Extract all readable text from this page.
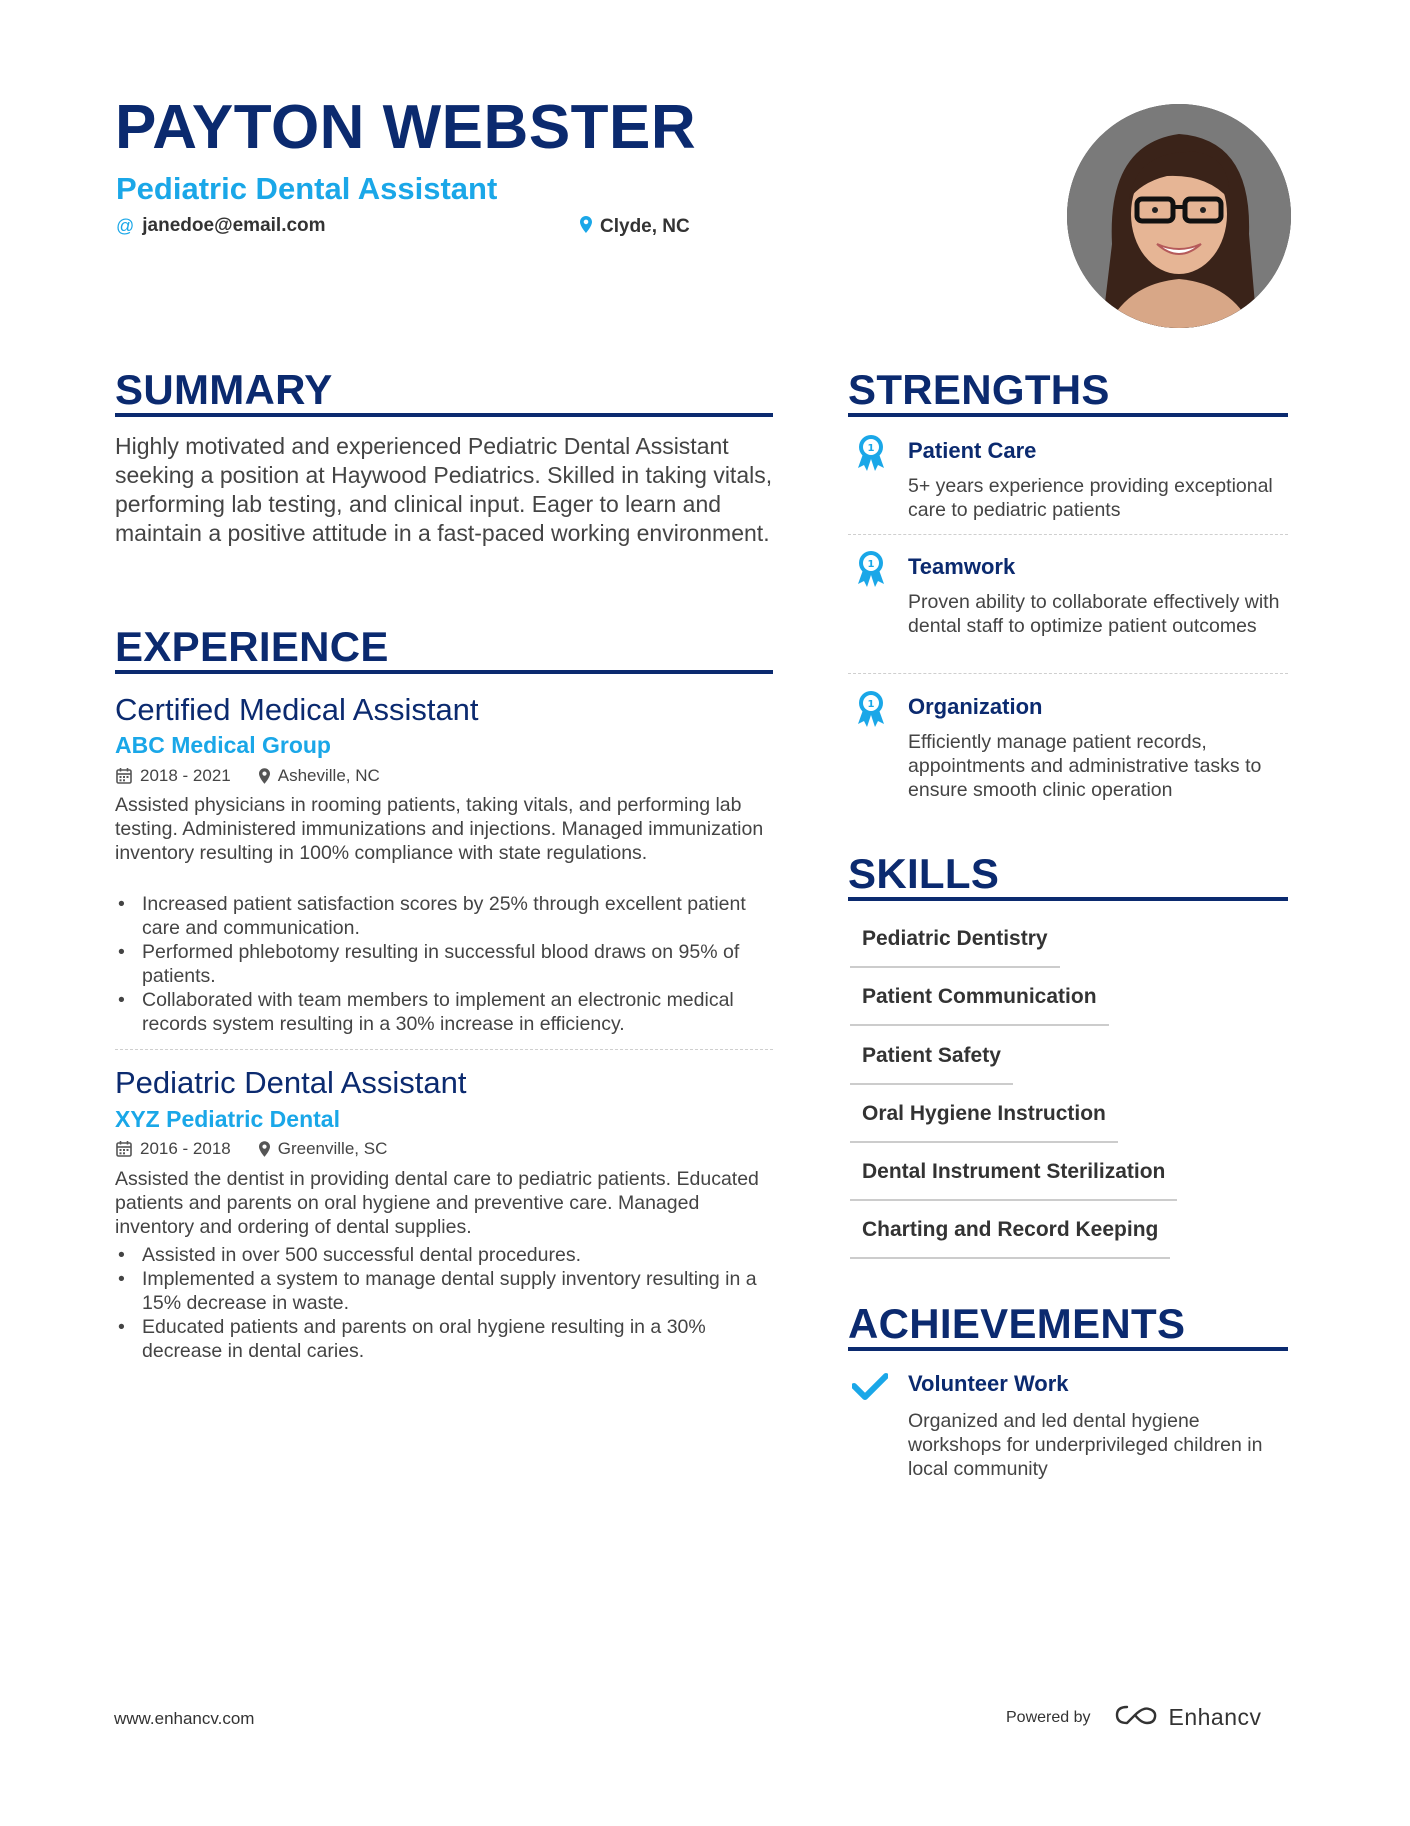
PAYTON WEBSTER
Pediatric Dental Assistant
@ janedoe@email.com	Clyde, NC
SUMMARY
Highly motivated and experienced Pediatric Dental Assistant seeking a position at Haywood Pediatrics. Skilled in taking vitals, performing lab testing, and clinical input. Eager to learn and maintain a positive attitude in a fast-paced working environment.
EXPERIENCE
Certified Medical Assistant
ABC Medical Group
2018 - 2021	Asheville, NC
Assisted physicians in rooming patients, taking vitals, and performing lab testing. Administered immunizations and injections. Managed immunization inventory resulting in 100% compliance with state regulations.
• Increased patient satisfaction scores by 25% through excellent patient care and communication.
• Performed phlebotomy resulting in successful blood draws on 95% of patients.
• Collaborated with team members to implement an electronic medical records system resulting in a 30% increase in efficiency.
Pediatric Dental Assistant
XYZ Pediatric Dental
2016 - 2018	Greenville, SC
Assisted the dentist in providing dental care to pediatric patients. Educated patients and parents on oral hygiene and preventive care. Managed inventory and ordering of dental supplies.
• Assisted in over 500 successful dental procedures.
• Implemented a system to manage dental supply inventory resulting in a 15% decrease in waste.
• Educated patients and parents on oral hygiene resulting in a 30% decrease in dental caries.
STRENGTHS
1 Patient Care
5+ years experience providing exceptional care to pediatric patients
1 Teamwork
Proven ability to collaborate effectively with dental staff to optimize patient outcomes
1 Organization
Efficiently manage patient records, appointments and administrative tasks to ensure smooth clinic operation
SKILLS
Pediatric Dentistry
Patient Communication
Patient Safety
Oral Hygiene Instruction
Dental Instrument Sterilization
Charting and Record Keeping
ACHIEVEMENTS
Volunteer Work
Organized and led dental hygiene workshops for underprivileged children in local community
www.enhancv.com	Powered by	Enhancv
